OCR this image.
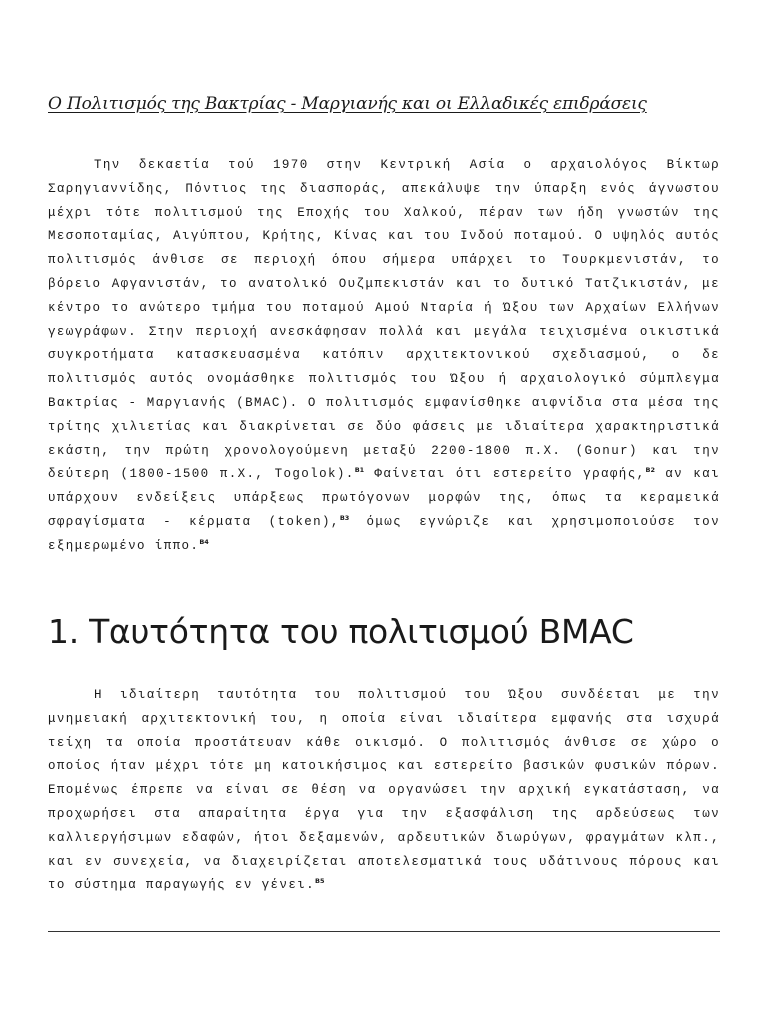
Ο Πολιτισμός της Βακτρίας - Μαργιανής και οι Ελλαδικές επιδράσεις

Την δεκαετία τού 1970 στην Κεντρική Ασία ο αρχαιολόγος Βίκτωρ Σαρηγιαννίδης, Πόντιος της διασποράς, απεκάλυψε την ύπαρξη ενός άγνωστου μέχρι τότε πολιτισμού της Εποχής του Χαλκού, πέραν των ήδη γνωστών της Μεσοποταμίας, Αιγύπτου, Κρήτης, Κίνας και του Ινδού ποταμού. Ο υψηλός αυτός πολιτισμός άνθισε σε περιοχή όπου σήμερα υπάρχει το Τουρκμενιστάν, το βόρειο Αφγανιστάν, το ανατολικό Ουζμπεκιστάν και το δυτικό Τατζικιστάν, με κέντρο το ανώτερο τμήμα του ποταμού Αμού Νταρία ή Ώξου των Αρχαίων Ελλήνων γεωγράφων. Στην περιοχή ανεσκάφησαν πολλά και μεγάλα τειχισμένα οικιστικά συγκροτήματα κατασκευασμένα κατόπιν αρχιτεκτονικού σχεδιασμού, ο δε πολιτισμός αυτός ονομάσθηκε πολιτισμός του Ώξου ή αρχαιολογικό σύμπλεγμα Βακτρίας - Μαργιανής (BMAC). Ο πολιτισμός εμφανίσθηκε αιφνίδια στα μέσα της τρίτης χιλιετίας και διακρίνεται σε δύο φάσεις με ιδιαίτερα χαρακτηριστικά εκάστη, την πρώτη χρονολογούμενη μεταξύ 2200-1800 π.Χ. (Gonur) και την δεύτερη (1800-1500 π.Χ., Togolok).$^{B1}$ Φαίνεται ότι εστερείτο γραφής,$^{B2}$ αν και υπάρχουν ενδείξεις υπάρξεως πρωτόγονων μορφών της, όπως τα κεραμεικά σφραγίσματα - κέρματα (token),$^{B3}$ όμως εγνώριζε και χρησιμοποιούσε τον εξημερωμένο ίππο.$^{B4}$

1. Ταυτότητα του πολιτισμού BMAC

Η ιδιαίτερη ταυτότητα του πολιτισμού του Ώξου συνδέεται με την μνημειακή αρχιτεκτονική του, η οποία είναι ιδιαίτερα εμφανής στα ισχυρά τείχη τα οποία προστάτευαν κάθε οικισμό. Ο πολιτισμός άνθισε σε χώρο ο οποίος ήταν μέχρι τότε μη κατοικήσιμος και εστερείτο βασικών φυσικών πόρων. Επομένως έπρεπε να είναι σε θέση να οργανώσει την αρχική εγκατάσταση, να προχωρήσει στα απαραίτητα έργα για την εξασφάλιση της αρδεύσεως των καλλιεργήσιμων εδαφών, ήτοι δεξαμενών, αρδευτικών διωρύγων, φραγμάτων κλπ., και εν συνεχεία, να διαχειρίζεται αποτελεσματικά τους υδάτινους πόρους και το σύστημα παραγωγής εν γένει.$^{B5}$
